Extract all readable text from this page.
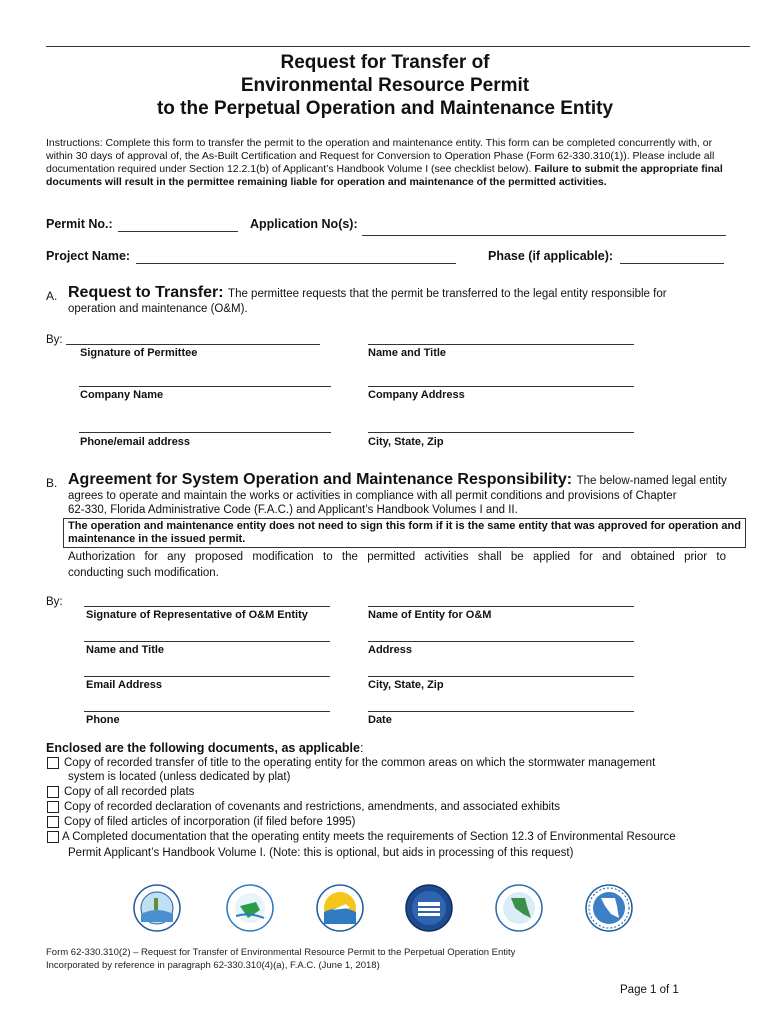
Request for Transfer of
Environmental Resource Permit
to the Perpetual Operation and Maintenance Entity
Instructions: Complete this form to transfer the permit to the operation and maintenance entity. This form can be completed concurrently with, or within 30 days of approval of, the As-Built Certification and Request for Conversion to Operation Phase (Form 62-330.310(1)). Please include all documentation required under Section 12.2.1(b) of Applicant’s Handbook Volume I (see checklist below). Failure to submit the appropriate final documents will result in the permittee remaining liable for operation and maintenance of the permitted activities.
Permit No.:	Application No(s):
Project Name:	Phase (if applicable):
A. Request to Transfer: The permittee requests that the permit be transferred to the legal entity responsible for
operation and maintenance (O&M).
By:
Signature of Permittee	Name and Title
Company Name	Company Address
Phone/email address	City, State, Zip
B. Agreement for System Operation and Maintenance Responsibility: The below-named legal entity
agrees to operate and maintain the works or activities in compliance with all permit conditions and provisions of Chapter
62-330, Florida Administrative Code (F.A.C.) and Applicant’s Handbook Volumes I and II.
The operation and maintenance entity does not need to sign this form if it is the same entity that was approved for operation and maintenance in the issued permit.
Authorization for any proposed modification to the permitted activities shall be applied for and obtained prior to
conducting such modification.
By:
Signature of Representative of O&M Entity	Name of Entity for O&M
Name and Title	Address
Email Address	City, State, Zip
Phone	Date
Enclosed are the following documents, as applicable:
Copy of recorded transfer of title to the operating entity for the common areas on which the stormwater management
system is located (unless dedicated by plat)
Copy of all recorded plats
Copy of recorded declaration of covenants and restrictions, amendments, and associated exhibits
Copy of filed articles of incorporation (if filed before 1995)
A Completed documentation that the operating entity meets the requirements of Section 12.3 of Environmental Resource
Permit Applicant’s Handbook Volume I. (Note: this is optional, but aids in processing of this request)
Form 62-330.310(2) – Request for Transfer of Environmental Resource Permit to the Perpetual Operation Entity
Incorporated by reference in paragraph 62-330.310(4)(a), F.A.C. (June 1, 2018)
Page 1 of 1
